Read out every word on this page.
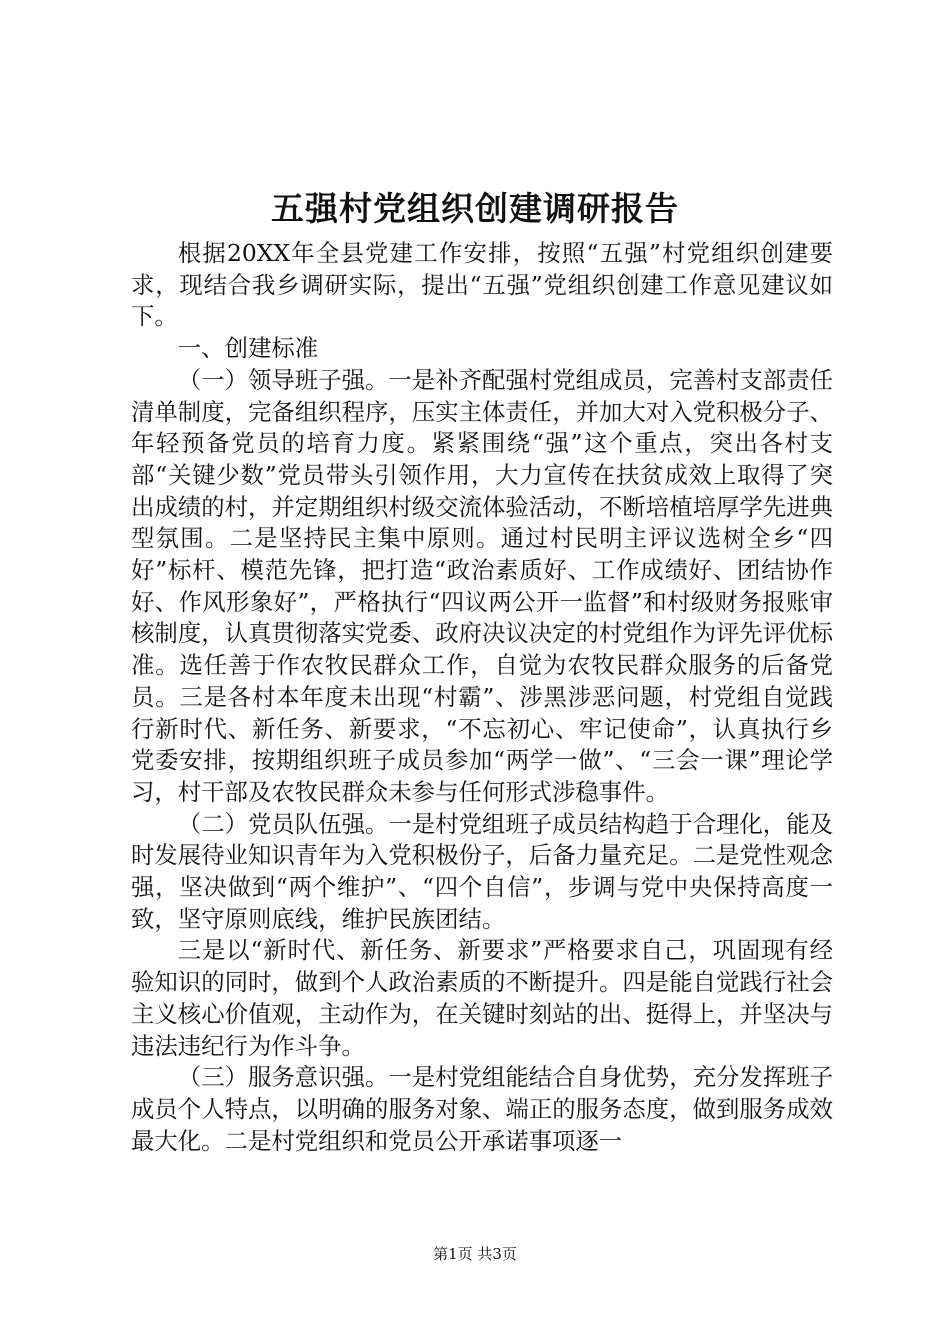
五强村党组织创建调研报告

根据20XX年全县党建工作安排，按照“五强”村党组织创建要求，现结合我乡调研实际，提出“五强”党组织创建工作意见建议如下。

一、创建标准

（一）领导班子强。一是补齐配强村党组成员，完善村支部责任清单制度，完备组织程序，压实主体责任，并加大对入党积极分子、年轻预备党员的培育力度。紧紧围绕“强”这个重点，突出各村支部“关键少数”党员带头引领作用，大力宣传在扶贫成效上取得了突出成绩的村，并定期组织村级交流体验活动，不断培植培厚学先进典型氛围。二是坚持民主集中原则。通过村民明主评议选树全乡“四好”标杆、模范先锋，把打造“政治素质好、工作成绩好、团结协作好、作风形象好”，严格执行“四议两公开一监督”和村级财务报账审核制度，认真贯彻落实党委、政府决议决定的村党组作为评先评优标准。选任善于作农牧民群众工作，自觉为农牧民群众服务的后备党员。三是各村本年度未出现“村霸”、涉黑涉恶问题，村党组自觉践行新时代、新任务、新要求，“不忘初心、牢记使命”，认真执行乡党委安排，按期组织班子成员参加“两学一做”、“三会一课”理论学习，村干部及农牧民群众未参与任何形式涉稳事件。

（二）党员队伍强。一是村党组班子成员结构趋于合理化，能及时发展待业知识青年为入党积极份子，后备力量充足。二是党性观念强，坚决做到“两个维护”、“四个自信”，步调与党中央保持高度一致，坚守原则底线，维护民族团结。

三是以“新时代、新任务、新要求”严格要求自己，巩固现有经验知识的同时，做到个人政治素质的不断提升。四是能自觉践行社会主义核心价值观，主动作为，在关键时刻站的出、挺得上，并坚决与违法违纪行为作斗争。

（三）服务意识强。一是村党组能结合自身优势，充分发挥班子成员个人特点，以明确的服务对象、端正的服务态度，做到服务成效最大化。二是村党组织和党员公开承诺事项逐一

第1页 共3页
